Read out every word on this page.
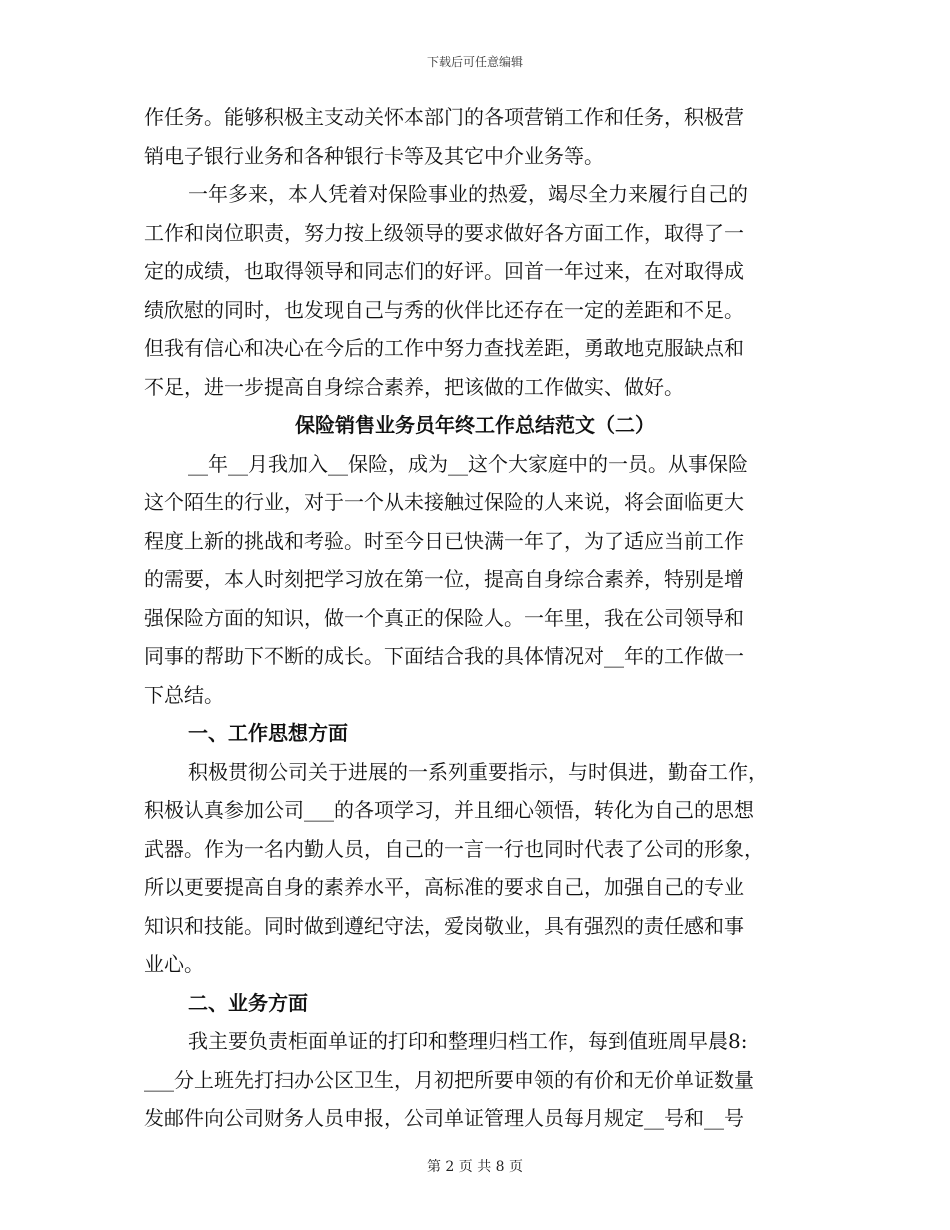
下载后可任意编辑
作任务。能够积极主支动关怀本部门的各项营销工作和任务，积极营
销电子银行业务和各种银行卡等及其它中介业务等。
一年多来，本人凭着对保险事业的热爱，竭尽全力来履行自己的
工作和岗位职责，努力按上级领导的要求做好各方面工作，取得了一
定的成绩，也取得领导和同志们的好评。回首一年过来，在对取得成
绩欣慰的同时，也发现自己与秀的伙伴比还存在一定的差距和不足。
但我有信心和决心在今后的工作中努力查找差距，勇敢地克服缺点和
不足，进一步提高自身综合素养，把该做的工作做实、做好。
保险销售业务员年终工作总结范文（二）
__年__月我加入__保险，成为__这个大家庭中的一员。从事保险
这个陌生的行业，对于一个从未接触过保险的人来说，将会面临更大
程度上新的挑战和考验。时至今日已快满一年了，为了适应当前工作
的需要，本人时刻把学习放在第一位，提高自身综合素养，特别是增
强保险方面的知识，做一个真正的保险人。一年里，我在公司领导和
同事的帮助下不断的成长。下面结合我的具体情况对__年的工作做一
下总结。
一、工作思想方面
积极贯彻公司关于进展的一系列重要指示，与时俱进，勤奋工作，
积极认真参加公司___的各项学习，并且细心领悟，转化为自己的思想
武器。作为一名内勤人员，自己的一言一行也同时代表了公司的形象，
所以更要提高自身的素养水平，高标准的要求自己，加强自己的专业
知识和技能。同时做到遵纪守法，爱岗敬业，具有强烈的责任感和事
业心。
二、业务方面
我主要负责柜面单证的打印和整理归档工作，每到值班周早晨8:
___分上班先打扫办公区卫生，月初把所要申领的有价和无价单证数量
发邮件向公司财务人员申报，公司单证管理人员每月规定__号和__号
第 2 页 共 8 页
